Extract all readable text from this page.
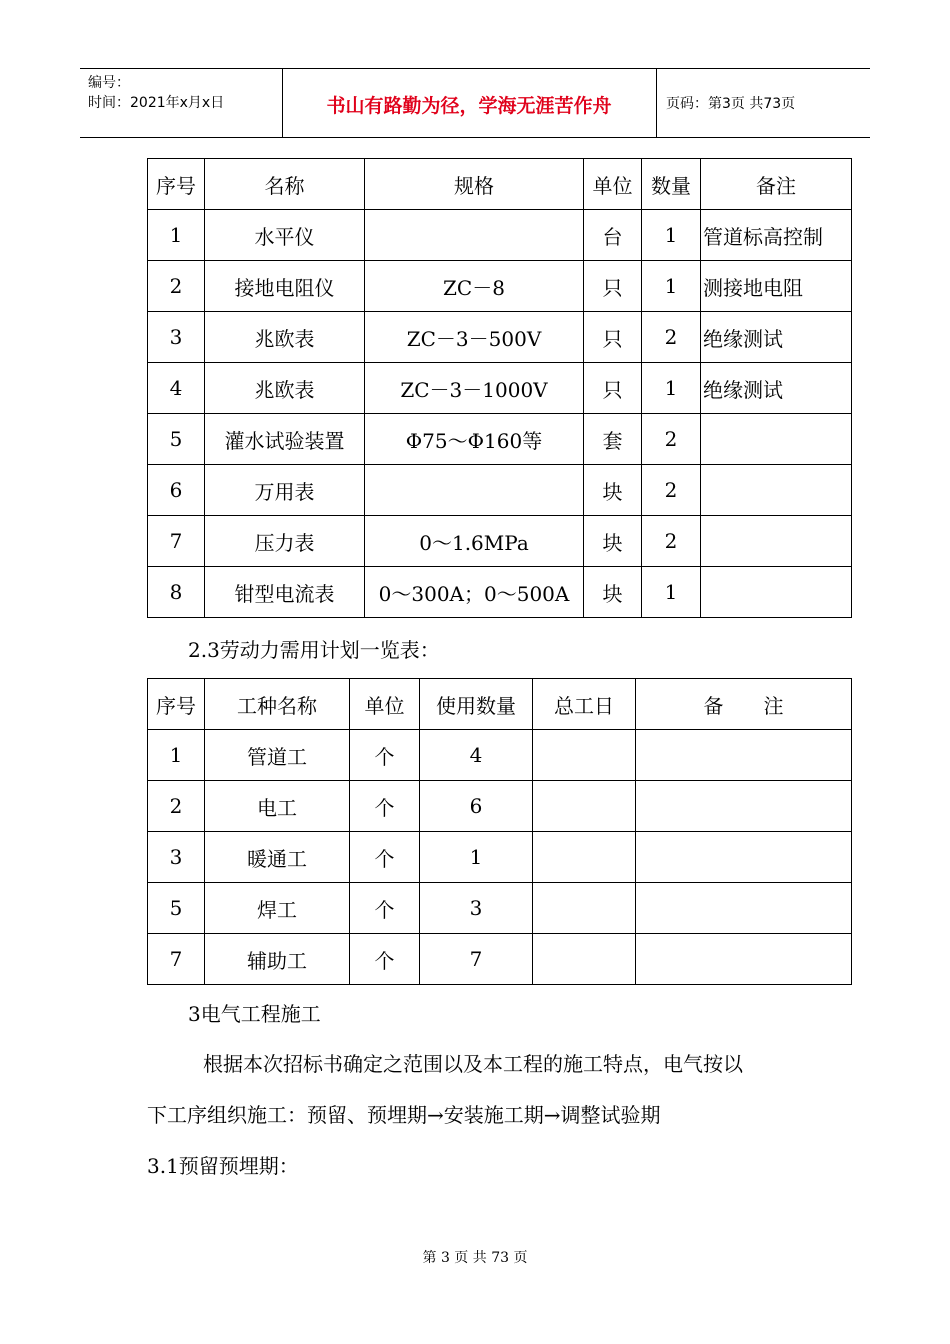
编号：
时间：2021年x月x日	书山有路勤为径，学海无涯苦作舟	页码：第3页 共73页
序号	名称	规格	单位	数量	备注
1	水平仪		台	1	管道标高控制
2	接地电阻仪	ZC－8	只	1	测接地电阻
3	兆欧表	ZC－3－500V	只	2	绝缘测试
4	兆欧表	ZC－3－1000V	只	1	绝缘测试
5	灌水试验装置	Φ75～Φ160等	套	2	
6	万用表		块	2	
7	压力表	0～1.6MPa	块	2	
8	钳型电流表	0～300A；0～500A	块	1	
2.3劳动力需用计划一览表：
序号	工种名称	单位	使用数量	总工日	备　　注
1	管道工	个	4		
2	电工	个	6		
3	暖通工	个	1		
5	焊工	个	3		
7	辅助工	个	7		
3电气工程施工
根据本次招标书确定之范围以及本工程的施工特点，电气按以
下工序组织施工：预留、预埋期→安装施工期→调整试验期
3.1预留预埋期：
第 3 页 共 73 页
